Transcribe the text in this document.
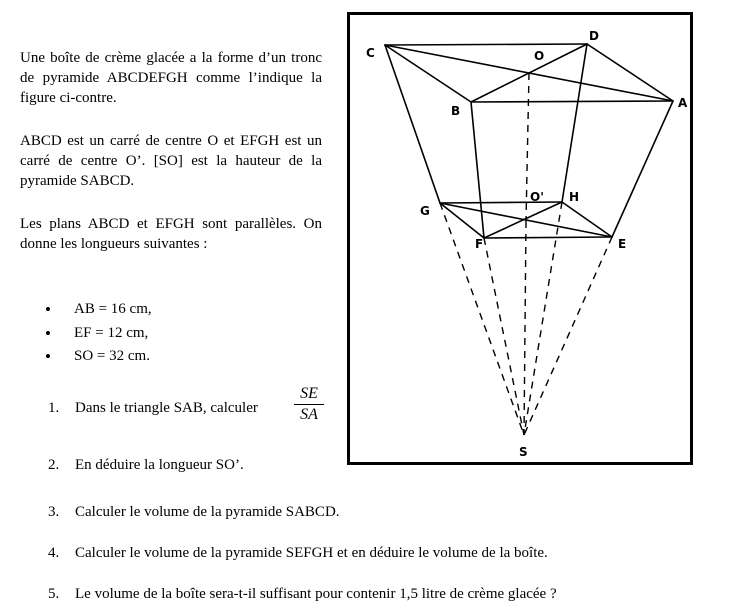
Une boîte de crème glacée a la forme d’un tronc de pyramide ABCDEFGH comme l’indique la figure ci-contre.
ABCD est un carré de centre O et EFGH est un carré de centre O’. [SO] est la hauteur de la pyramide SABCD.
Les plans ABCD et EFGH sont parallèles. On donne les longueurs suivantes :
• AB = 16 cm,
• EF = 12 cm,
• SO = 32 cm.
1. Dans le triangle SAB, calculer $\frac{SE}{SA}$
2. En déduire la longueur SO’.
3. Calculer le volume de la pyramide SABCD.
4. Calculer le volume de la pyramide SEFGH et en déduire le volume de la boîte.
5. Le volume de la boîte sera-t-il suffisant pour contenir 1,5 litre de crème glacée ?
C
D
O
B
A
G
O' H
F	E
S
